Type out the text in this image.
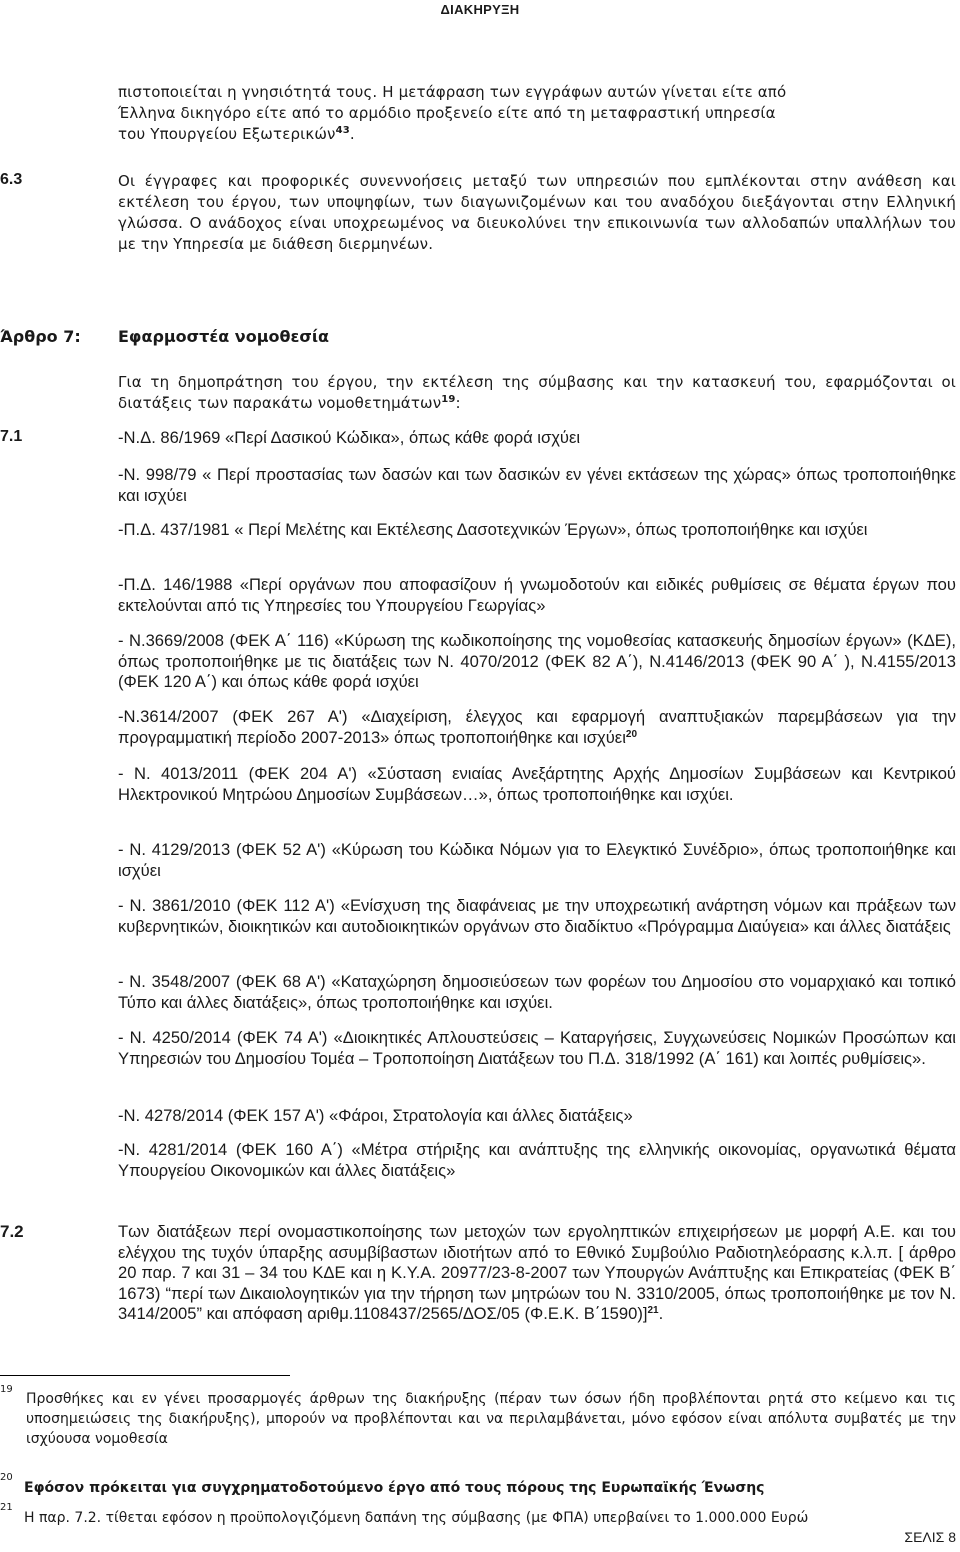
ΔΙΑΚΗΡΥΞΗ

πιστοποιείται η γνησιότητά τους. Η μετάφραση των εγγράφων αυτών γίνεται είτε από

Έλληνα δικηγόρο είτε από το αρμόδιο προξενείο είτε από τη μεταφραστική υπηρεσία

του Υπουργείου Εξωτερικών$^{43}$.

6.3	Οι έγγραφες και προφορικές συνεννοήσεις μεταξύ των υπηρεσιών που εμπλέκονται στην ανάθεση και εκτέλεση του έργου, των υποψηφίων, των διαγωνιζομένων και του αναδόχου διεξάγονται στην Ελληνική γλώσσα. Ο ανάδοχος είναι υποχρεωμένος να διευκολύνει την επικοινωνία των αλλοδαπών υπαλλήλων του με την Υπηρεσία με διάθεση διερμηνέων.
Άρθρο 7: Εφαρμοστέα νομοθεσία
Για τη δημοπράτηση του έργου, την εκτέλεση της σύμβασης και την κατασκευή του, εφαρμόζονται οι διατάξεις των παρακάτω νομοθετημάτων$^{19}$:
7.1	-Ν.Δ. 86/1969 «Περί Δασικού Κώδικα», όπως κάθε φορά ισχύει
-Ν. 998/79 « Περί προστασίας των δασών και των δασικών εν γένει εκτάσεων της χώρας» όπως τροποποιήθηκε και ισχύει
-Π.Δ. 437/1981 « Περί Μελέτης και Εκτέλεσης Δασοτεχνικών Έργων», όπως τροποποιήθηκε και ισχύει
-Π.Δ. 146/1988 «Περί οργάνων που αποφασίζουν ή γνωμοδοτούν και ειδικές ρυθμίσεις σε θέματα έργων που εκτελούνται από τις Υπηρεσίες του Υπουργείου Γεωργίας»
- Ν.3669/2008 (ΦΕΚ Α΄ 116) «Κύρωση της κωδικοποίησης της νομοθεσίας κατασκευής δημοσίων έργων» (ΚΔΕ), όπως τροποποιήθηκε με τις διατάξεις των Ν. 4070/2012 (ΦΕΚ 82 Α΄), Ν.4146/2013 (ΦΕΚ 90 Α΄ ), Ν.4155/2013 (ΦΕΚ 120 Α΄) και όπως κάθε φορά ισχύει
-Ν.3614/2007 (ΦΕΚ 267 Α') «Διαχείριση, έλεγχος και εφαρμογή αναπτυξιακών παρεμβάσεων για την προγραμματική περίοδο 2007-2013» όπως τροποποιήθηκε και ισχύει$^{20}$
- Ν. 4013/2011 (ΦΕΚ 204 Α') «Σύσταση ενιαίας Ανεξάρτητης Αρχής Δημοσίων Συμβάσεων και Κεντρικού Ηλεκτρονικού Μητρώου Δημοσίων Συμβάσεων…», όπως τροποποιήθηκε και ισχύει.
- Ν. 4129/2013 (ΦΕΚ 52 Α') «Κύρωση του Κώδικα Νόμων για το Ελεγκτικό Συνέδριο», όπως τροποποιήθηκε και ισχύει
- Ν. 3861/2010 (ΦΕΚ 112 Α') «Ενίσχυση της διαφάνειας με την υποχρεωτική ανάρτηση νόμων και πράξεων των κυβερνητικών, διοικητικών και αυτοδιοικητικών οργάνων στο διαδίκτυο «Πρόγραμμα Διαύγεια» και άλλες διατάξεις
- Ν. 3548/2007 (ΦΕΚ 68 Α') «Καταχώρηση δημοσιεύσεων των φορέων του Δημοσίου στο νομαρχιακό και τοπικό Τύπο και άλλες διατάξεις», όπως τροποποιήθηκε και ισχύει.
- Ν. 4250/2014 (ΦΕΚ 74 Α') «Διοικητικές Απλουστεύσεις – Καταργήσεις, Συγχωνεύσεις Νομικών Προσώπων και Υπηρεσιών του Δημοσίου Τομέα – Τροποποίηση Διατάξεων του Π.Δ. 318/1992 (Α΄ 161) και λοιπές ρυθμίσεις».
-Ν. 4278/2014 (ΦΕΚ 157 Α') «Φάροι, Στρατολογία και άλλες διατάξεις»
-Ν. 4281/2014 (ΦΕΚ 160 Α΄) «Μέτρα στήριξης και ανάπτυξης της ελληνικής οικονομίας, οργανωτικά θέματα Υπουργείου Οικονομικών και άλλες διατάξεις»
7.2	Των διατάξεων περί ονομαστικοποίησης των μετοχών των εργοληπτικών επιχειρήσεων με μορφή Α.Ε. και του ελέγχου της τυχόν ύπαρξης ασυμβίβαστων ιδιοτήτων από το Εθνικό Συμβούλιο Ραδιοτηλεόρασης κ.λ.π. [ άρθρο 20 παρ. 7 και 31 – 34 του ΚΔΕ και η Κ.Υ.Α. 20977/23-8-2007 των Υπουργών Ανάπτυξης και Επικρατείας (ΦΕΚ Β΄ 1673) “περί των Δικαιολογητικών για την τήρηση των μητρώων του Ν. 3310/2005, όπως τροποποιήθηκε με τον Ν. 3414/2005” και απόφαση αριθμ.1108437/2565/ΔΟΣ/05 (Φ.Ε.Κ. Β΄1590)]$^{21}$.
19
Προσθήκες και εν γένει προσαρμογές άρθρων της διακήρυξης (πέραν των όσων ήδη προβλέπονται ρητά στο κείμενο και τις υποσημειώσεις της διακήρυξης), μπορούν να προβλέπονται και να περιλαμβάνεται, μόνο εφόσον είναι απόλυτα συμβατές με την ισχύουσα νομοθεσία
20
Εφόσον πρόκειται για συγχρηματοδοτούμενο έργο από τους πόρους της Ευρωπαϊκής Ένωσης
21
Η παρ. 7.2. τίθεται εφόσον η προϋπολογιζόμενη δαπάνη της σύμβασης (με ΦΠΑ) υπερβαίνει το 1.000.000 Ευρώ
ΣΕΛΙΣ 8
